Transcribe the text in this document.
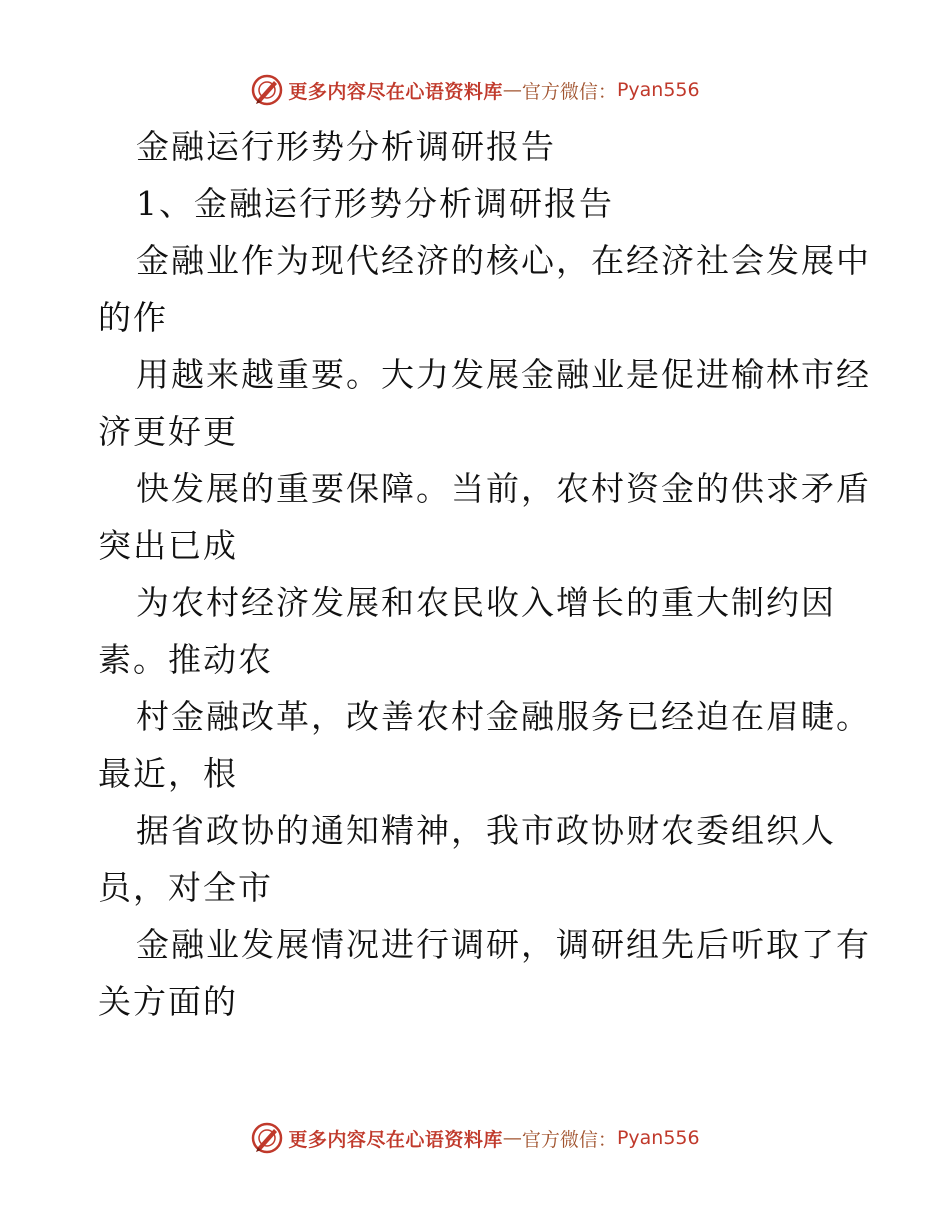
更多内容尽在心语资料库 — 官方微信： Pyan556
金融运行形势分析调研报告
1、金融运行形势分析调研报告
金融业作为现代经济的核心，在经济社会发展中
的作
用越来越重要。大力发展金融业是促进榆林市经
济更好更
快发展的重要保障。当前，农村资金的供求矛盾
突出已成
为农村经济发展和农民收入增长的重大制约因
素。推动农
村金融改革，改善农村金融服务已经迫在眉睫。
最近，根
据省政协的通知精神，我市政协财农委组织人
员，对全市
金融业发展情况进行调研，调研组先后听取了有
关方面的
更多内容尽在心语资料库 — 官方微信： Pyan556
